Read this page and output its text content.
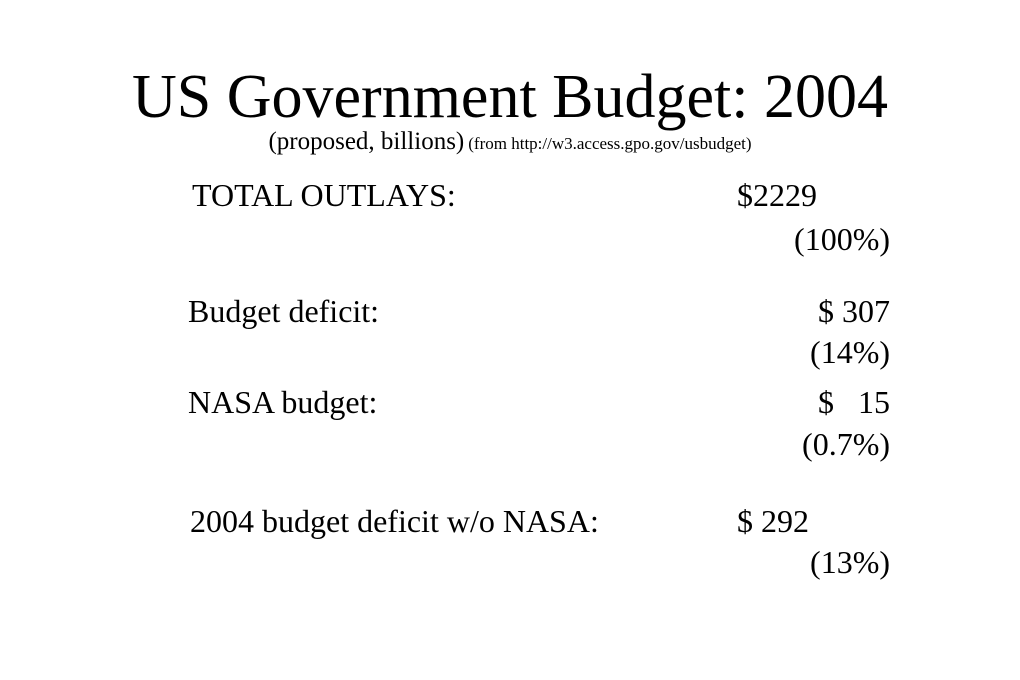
US Government Budget: 2004
(proposed, billions) (from http://w3.access.gpo.gov/usbudget)
TOTAL OUTLAYS:	$2229
(100%)
Budget deficit:	$ 307
(14%)
NASA budget:	$   15
(0.7%)
2004 budget deficit w/o NASA:	$ 292
(13%)
